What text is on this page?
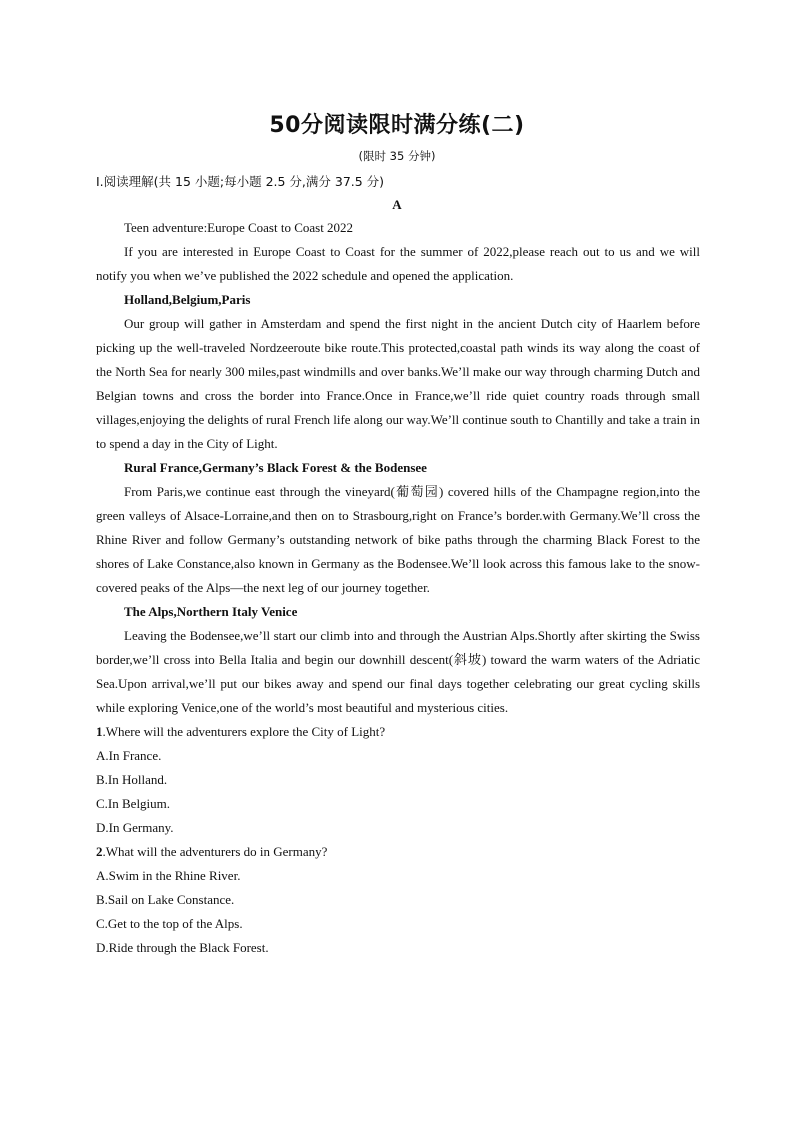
50分阅读限时满分练(二)
(限时 35 分钟)
Ⅰ.阅读理解(共 15 小题;每小题 2.5 分,满分 37.5 分)
A

Teen adventure:Europe Coast to Coast 2022

If you are interested in Europe Coast to Coast for the summer of 2022,please reach out to us and we will notify you when we’ve published the 2022 schedule and opened the application.

Holland,Belgium,Paris

Our group will gather in Amsterdam and spend the first night in the ancient Dutch city of Haarlem before picking up the well-traveled Nordzeeroute bike route.This protected,coastal path winds its way along the coast of the North Sea for nearly 300 miles,past windmills and over banks.We’ll make our way through charming Dutch and Belgian towns and cross the border into France.Once in France,we’ll ride quiet country roads through small villages,enjoying the delights of rural French life along our way.We’ll continue south to Chantilly and take a train in to spend a day in the City of Light.

Rural France,Germany’s Black Forest & the Bodensee

From Paris,we continue east through the vineyard(葡萄园) covered hills of the Champagne region,into the green valleys of Alsace-Lorraine,and then on to Strasbourg,right on France’s border.with Germany.We’ll cross the Rhine River and follow Germany’s outstanding network of bike paths through the charming Black Forest to the shores of Lake Constance,also known in Germany as the Bodensee.We’ll look across this famous lake to the snow-covered peaks of the Alps—the next leg of our journey together.

The Alps,Northern Italy Venice

Leaving the Bodensee,we’ll start our climb into and through the Austrian Alps.Shortly after skirting the Swiss border,we’ll cross into Bella Italia and begin our downhill descent(斜坡) toward the warm waters of the Adriatic Sea.Upon arrival,we’ll put our bikes away and spend our final days together celebrating our great cycling skills while exploring Venice,one of the world’s most beautiful and mysterious cities.

1.Where will the adventurers explore the City of Light?

A.In France.

B.In Holland.

C.In Belgium.

D.In Germany.

2.What will the adventurers do in Germany?

A.Swim in the Rhine River.

B.Sail on Lake Constance.

C.Get to the top of the Alps.

D.Ride through the Black Forest.
